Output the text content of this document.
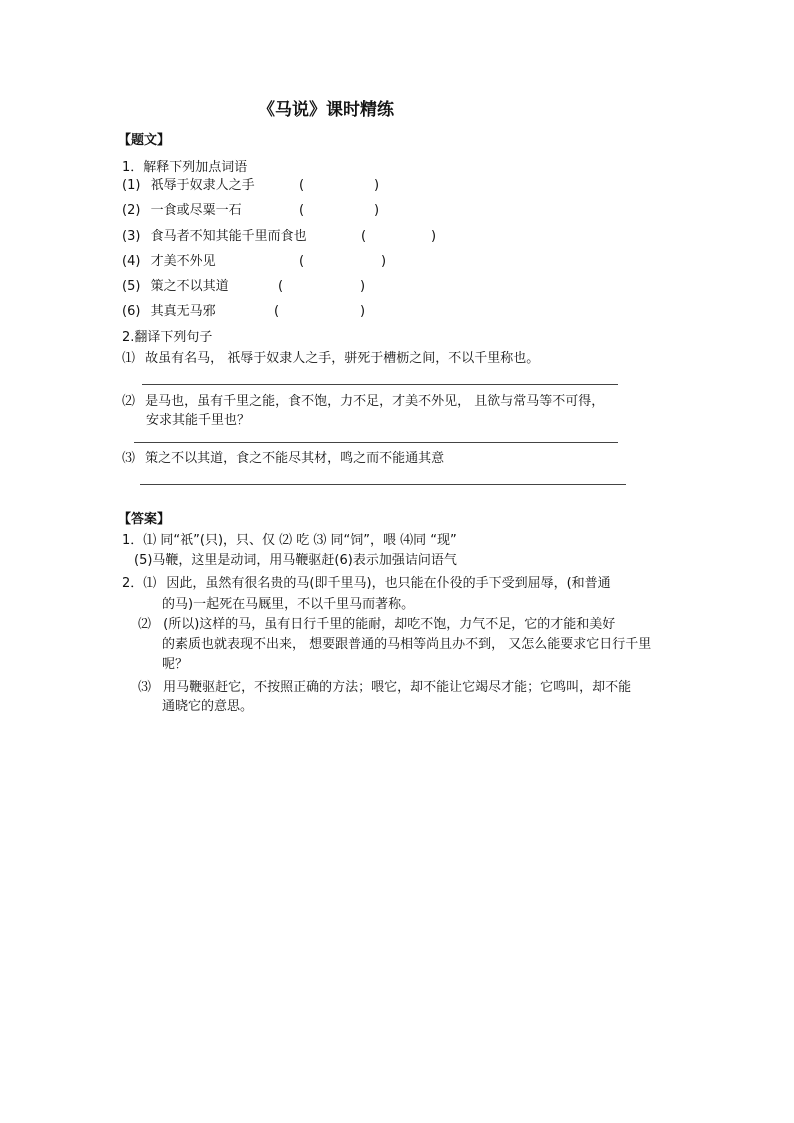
《马说》课时精练
【题文】
1．解释下列加点词语
(1) 祇辱于奴隶人之手	(	)
(2) 一食或尽粟一石	(	)
(3) 食马者不知其能千里而食也	(	)
(4) 才美不外见	(	)
(5) 策之不以其道	(	)
(6) 其真无马邪	(	)
2.翻译下列句子
⑴ 故虽有名马， 祇辱于奴隶人之手，骈死于槽枥之间，不以千里称也。
⑵ 是马也，虽有千里之能，食不饱，力不足，才美不外见， 且欲与常马等不可得，
安求其能千里也？
⑶ 策之不以其道，食之不能尽其材，鸣之而不能通其意
【答案】
1．⑴ 同“祇”(只)，只、仅 ⑵ 吃 ⑶ 同“饲”，喂 ⑷同 “现”
(5)马鞭，这里是动词，用马鞭驱赶(6)表示加强诘问语气
2．⑴ 因此，虽然有很名贵的马(即千里马)，也只能在仆役的手下受到屈辱，(和普通
的马)一起死在马厩里，不以千里马而著称。
⑵ (所以)这样的马，虽有日行千里的能耐，却吃不饱，力气不足，它的才能和美好
的素质也就表现不出来， 想要跟普通的马相等尚且办不到， 又怎么能要求它日行千里
呢？
⑶ 用马鞭驱赶它，不按照正确的方法；喂它，却不能让它竭尽才能；它鸣叫，却不能
通晓它的意思。
